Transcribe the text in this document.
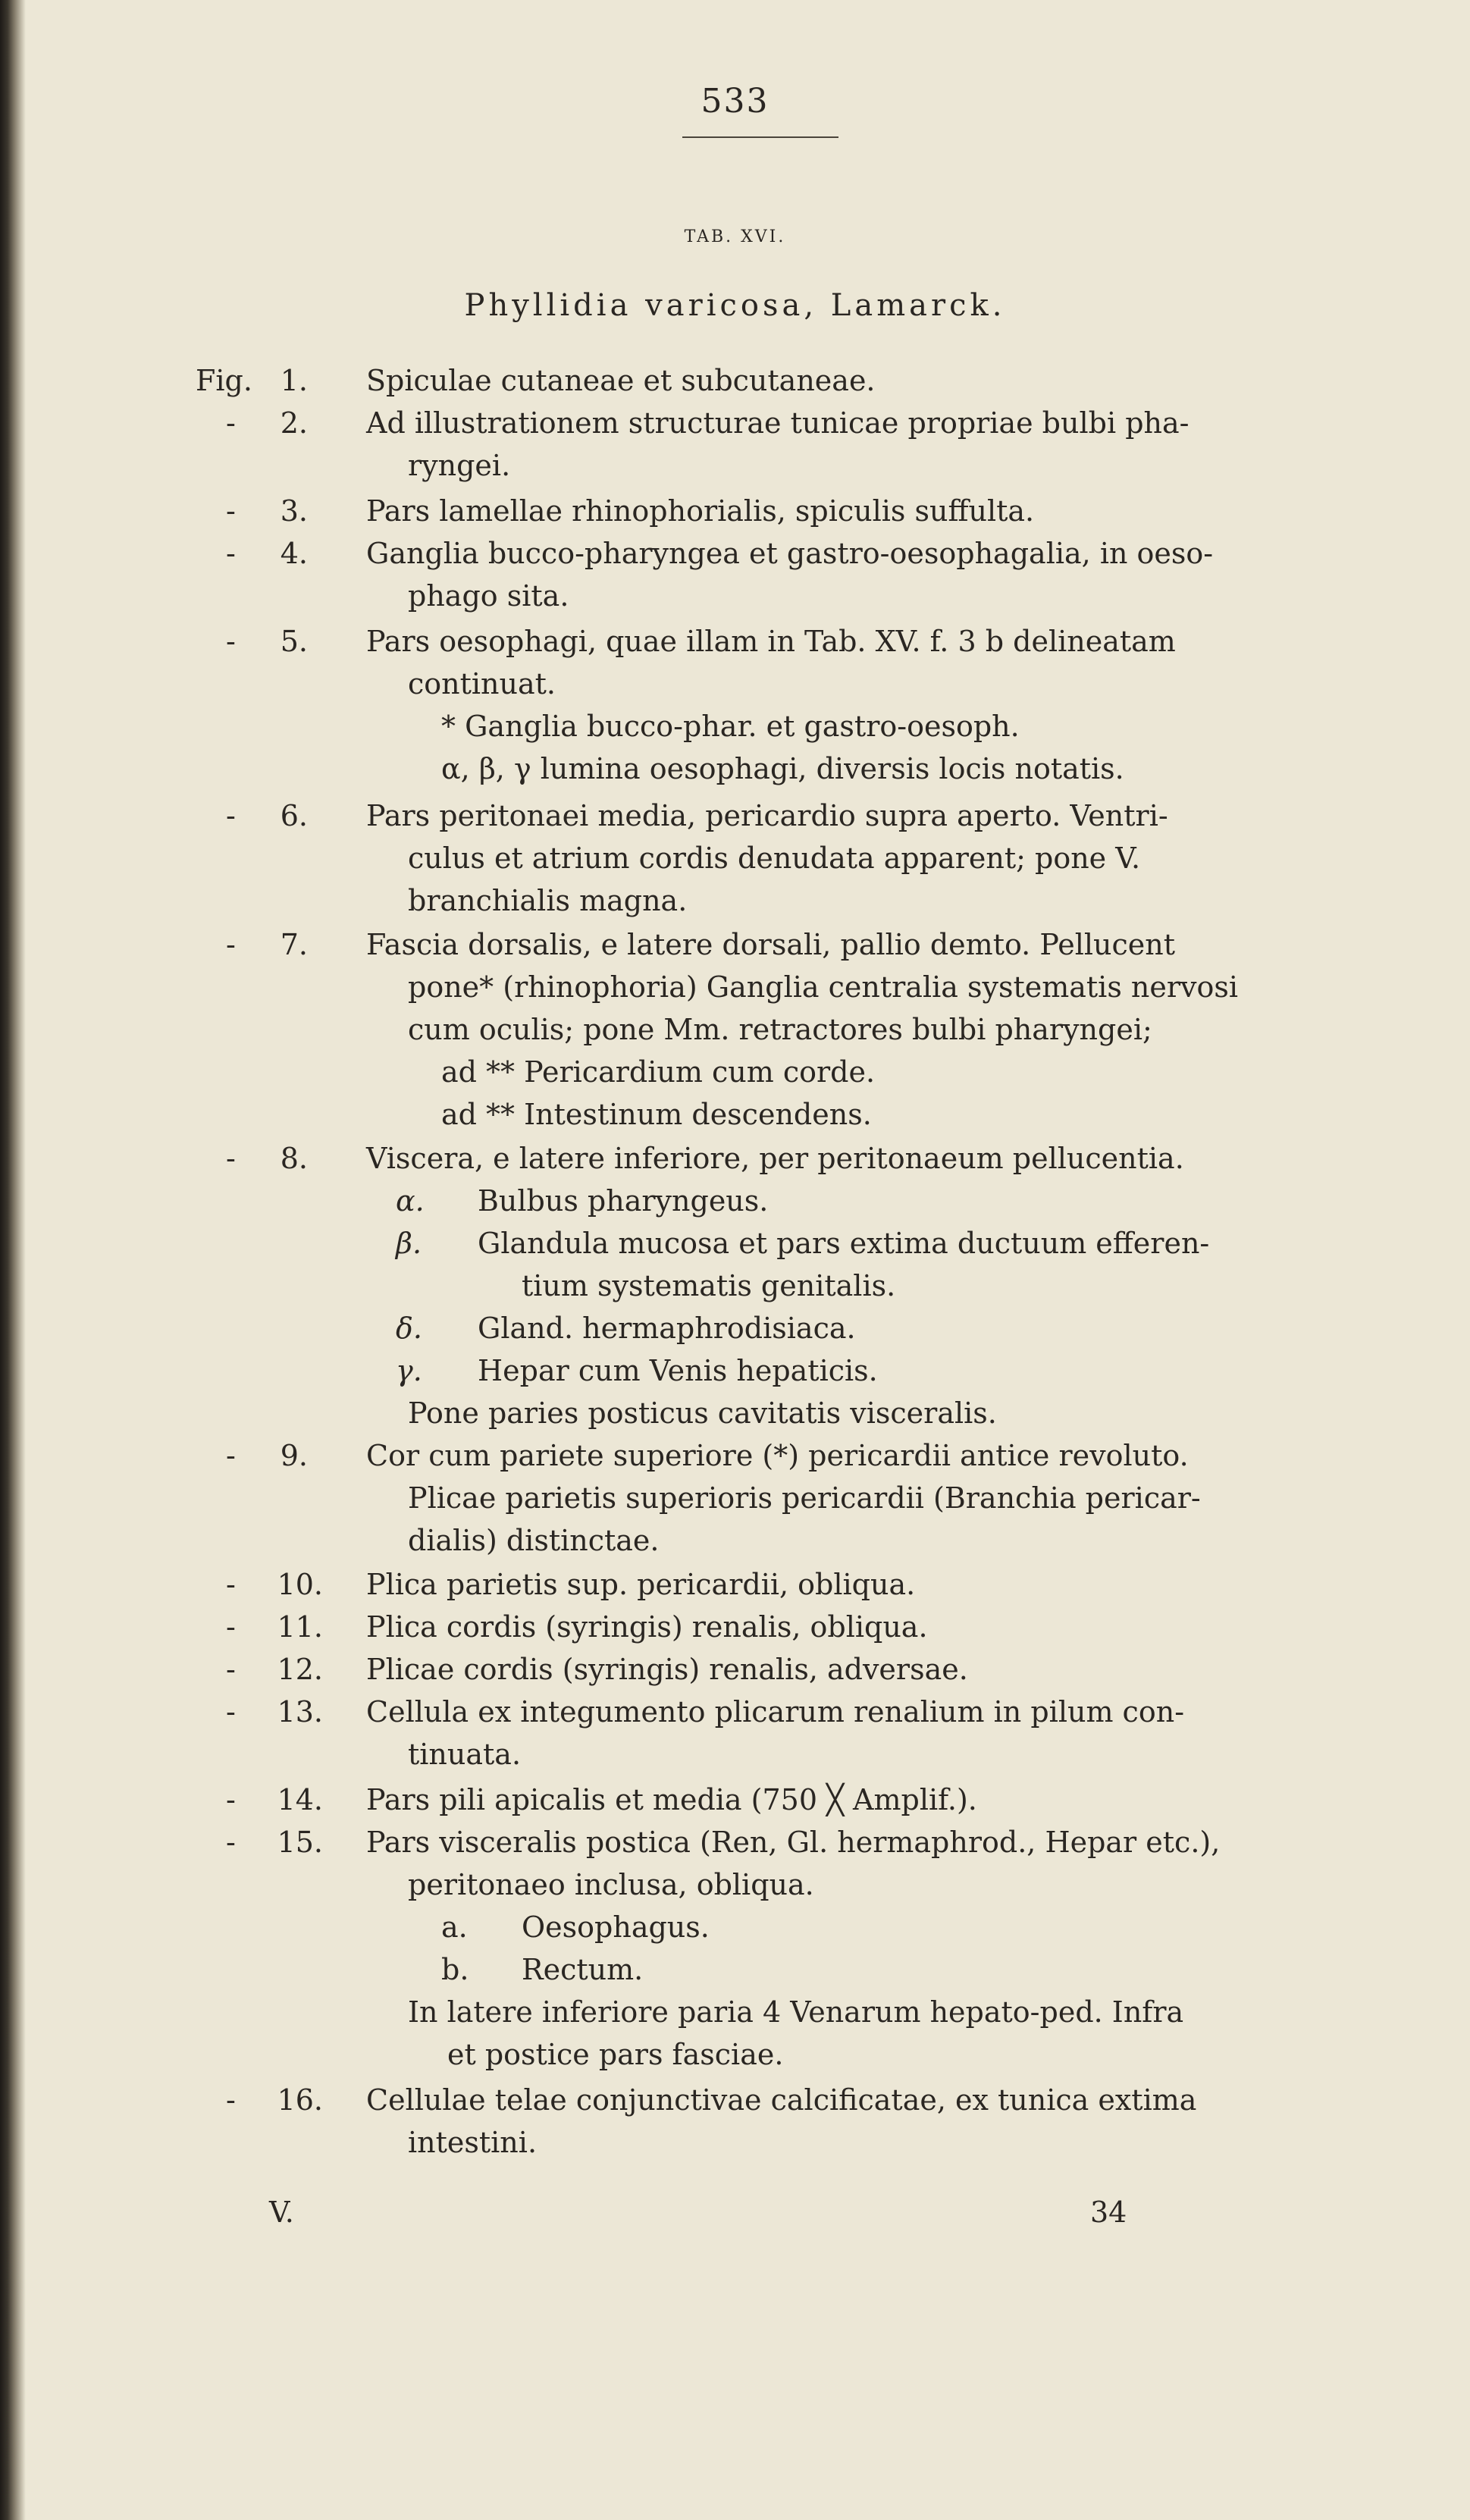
533
TAB. XVI.
Phyllidia varicosa, Lamarck.
Fig. 1. Spiculae cutaneae et subcutaneae.
-	2. Ad illustrationem structurae tunicae propriae bulbi pha-
ryngei.
-	3. Pars lamellae rhinophorialis, spiculis suffulta.
-	4. Ganglia bucco-pharyngea et gastro-oesophagalia, in oeso-
phago sita.
-	5. Pars oesophagi, quae illam in Tab. XV. f. 3 b delineatam
continuat.
* Ganglia bucco-phar. et gastro-oesoph.
α, β, γ lumina oesophagi, diversis locis notatis.
-	6. Pars peritonaei media, pericardio supra aperto. Ventri-
culus et atrium cordis denudata apparent; pone V.
branchialis magna.
-	7. Fascia dorsalis, e latere dorsali, pallio demto. Pellucent
pone* (rhinophoria) Ganglia centralia systematis nervosi
cum oculis; pone Mm. retractores bulbi pharyngei;
ad ** Pericardium cum corde.
ad ** Intestinum descendens.
-	8. Viscera, e latere inferiore, per peritonaeum pellucentia.
α. Bulbus pharyngeus.
β. Glandula mucosa et pars extima ductuum efferen-
tium systematis genitalis.
δ. Gland. hermaphrodisiaca.
γ. Hepar cum Venis hepaticis.
Pone paries posticus cavitatis visceralis.
-	9. Cor cum pariete superiore (*) pericardii antice revoluto.
Plicae parietis superioris pericardii (Branchia pericar-
dialis) distinctae.
-	10. Plica parietis sup. pericardii, obliqua.
-	11. Plica cordis (syringis) renalis, obliqua.
-	12. Plicae cordis (syringis) renalis, adversae.
-	13. Cellula ex integumento plicarum renalium in pilum con-
tinuata.
-	14. Pars pili apicalis et media (750 ╳ Amplif.).
-	15. Pars visceralis postica (Ren, Gl. hermaphrod., Hepar etc.),
peritonaeo inclusa, obliqua.
a. Oesophagus.
b. Rectum.
In latere inferiore paria 4 Venarum hepato-ped. Infra
et postice pars fasciae.
-	16. Cellulae telae conjunctivae calcificatae, ex tunica extima
intestini.
V.	34
